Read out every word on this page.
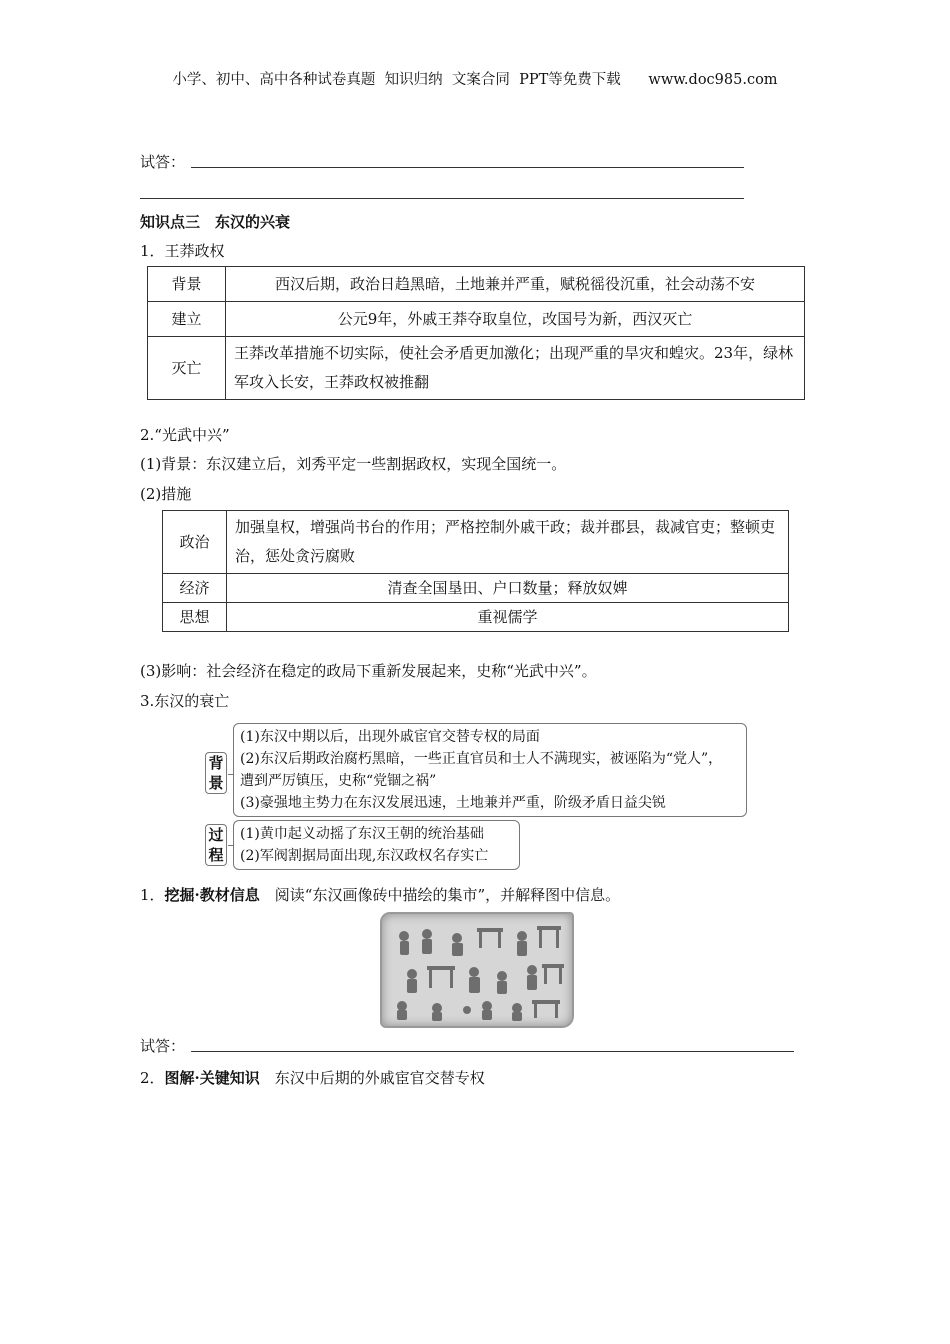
小学、初中、高中各种试卷真题  知识归纳  文案合同  PPT等免费下载      www.doc985.com
试答：
知识点三　东汉的兴衰
1．王莽政权
背景	西汉后期，政治日趋黑暗，土地兼并严重，赋税徭役沉重，社会动荡不安
建立	公元9年，外戚王莽夺取皇位，改国号为新，西汉灭亡
灭亡	王莽改革措施不切实际，使社会矛盾更加激化；出现严重的旱灾和蝗灾。23年，绿林军攻入长安，王莽政权被推翻
2.“光武中兴”
(1)背景：东汉建立后，刘秀平定一些割据政权，实现全国统一。
(2)措施
政治	加强皇权，增强尚书台的作用；严格控制外戚干政；裁并郡县，裁减官吏；整顿吏治，惩处贪污腐败
经济	清查全国垦田、户口数量；释放奴婢
思想	重视儒学
(3)影响：社会经济在稳定的政局下重新发展起来，史称“光武中兴”。
3.东汉的衰亡
背
景
(1)东汉中期以后，出现外戚宦官交替专权的局面
(2)东汉后期政治腐朽黑暗，一些正直官员和士人不满现实，被诬陷为“党人”，
遭到严厉镇压，史称“党锢之祸”
(3)豪强地主势力在东汉发展迅速，土地兼并严重，阶级矛盾日益尖锐
过
程
(1)黄巾起义动摇了东汉王朝的统治基础
(2)军阀割据局面出现,东汉政权名存实亡
1．挖掘·教材信息　阅读“东汉画像砖中描绘的集市”，并解释图中信息。
试答：
2．图解·关键知识　东汉中后期的外戚宦官交替专权
